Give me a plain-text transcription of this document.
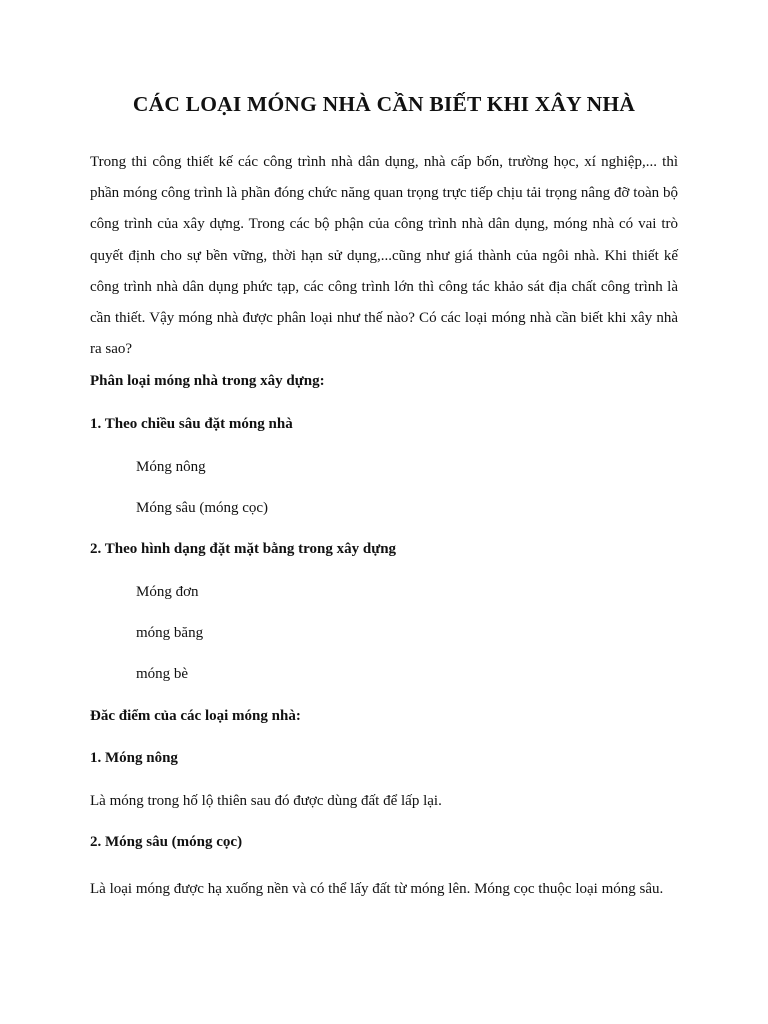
CÁC LOẠI MÓNG NHÀ CẦN BIẾT KHI XÂY NHÀ

Trong thi công thiết kế các công trình nhà dân dụng, nhà cấp bốn, trường học, xí nghiệp,... thì phần móng công trình là phần đóng chức năng quan trọng trực tiếp chịu tải trọng nâng đỡ toàn bộ công trình của xây dựng. Trong các bộ phận của công trình nhà dân dụng, móng nhà có vai trò quyết định cho sự bền vững, thời hạn sử dụng,...cũng như giá thành của ngôi nhà. Khi thiết kế công trình nhà dân dụng phức tạp, các công trình lớn thì công tác khảo sát địa chất công trình là cần thiết. Vậy móng nhà được phân loại như thế nào? Có các loại móng nhà cần biết khi xây nhà ra sao?

Phân loại móng nhà trong xây dựng:

1. Theo chiều sâu đặt móng nhà

Móng nông

Móng sâu (móng cọc)

2. Theo hình dạng đặt mặt bằng trong xây dựng

Móng đơn

móng băng

móng bè

Đăc điểm của các loại móng nhà:

1. Móng nông

Là móng trong hố lộ thiên sau đó được dùng đất để lấp lại.

2. Móng sâu (móng cọc)

Là loại móng được hạ xuống nền và có thể lấy đất từ móng lên. Móng cọc thuộc loại móng sâu.
